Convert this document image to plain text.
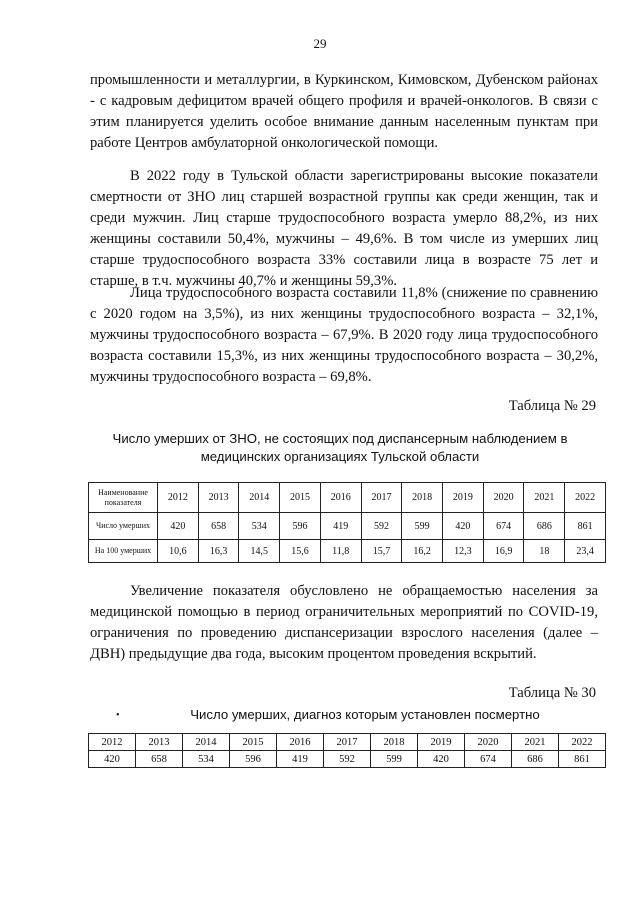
29

промышленности и металлургии, в Куркинском, Кимовском, Дубенском районах - с кадровым дефицитом врачей общего профиля и врачей-онкологов. В связи с этим планируется уделить особое внимание данным населенным пунктам при работе Центров амбулаторной онкологической помощи.

В 2022 году в Тульской области зарегистрированы высокие показатели смертности от ЗНО лиц старшей возрастной группы как среди женщин, так и среди мужчин. Лиц старше трудоспособного возраста умерло 88,2%, из них женщины составили 50,4%, мужчины – 49,6%. В том числе из умерших лиц старше трудоспособного возраста 33% составили лица в возрасте 75 лет и старше, в т.ч. мужчины 40,7% и женщины 59,3%.

Лица трудоспособного возраста составили 11,8% (снижение по сравнению с 2020 годом на 3,5%), из них женщины трудоспособного возраста – 32,1%, мужчины трудоспособного возраста – 67,9%. В 2020 году лица трудоспособного возраста составили 15,3%, из них женщины трудоспособного возраста – 30,2%, мужчины трудоспособного возраста – 69,8%.

Таблица № 29
Число умерших от ЗНО, не состоящих под диспансерным наблюдением в медицинских организациях Тульской области
Наименование показателя	2012	2013	2014	2015	2016	2017	2018	2019	2020	2021	2022
Число умерших	420	658	534	596	419	592	599	420	674	686	861
На 100 умерших	10,6	16,3	14,5	15,6	11,8	15,7	16,2	12,3	16,9	18	23,4

Увеличение показателя обусловлено не обращаемостью населения за медицинской помощью в период ограничительных мероприятий по COVID-19, ограничения по проведению диспансеризации взрослого населения (далее – ДВН) предыдущие два года, высоким процентом проведения вскрытий.

Таблица № 30
•	Число умерших, диагноз которым установлен посмертно
2012	2013	2014	2015	2016	2017	2018	2019	2020	2021	2022
420	658	534	596	419	592	599	420	674	686	861
